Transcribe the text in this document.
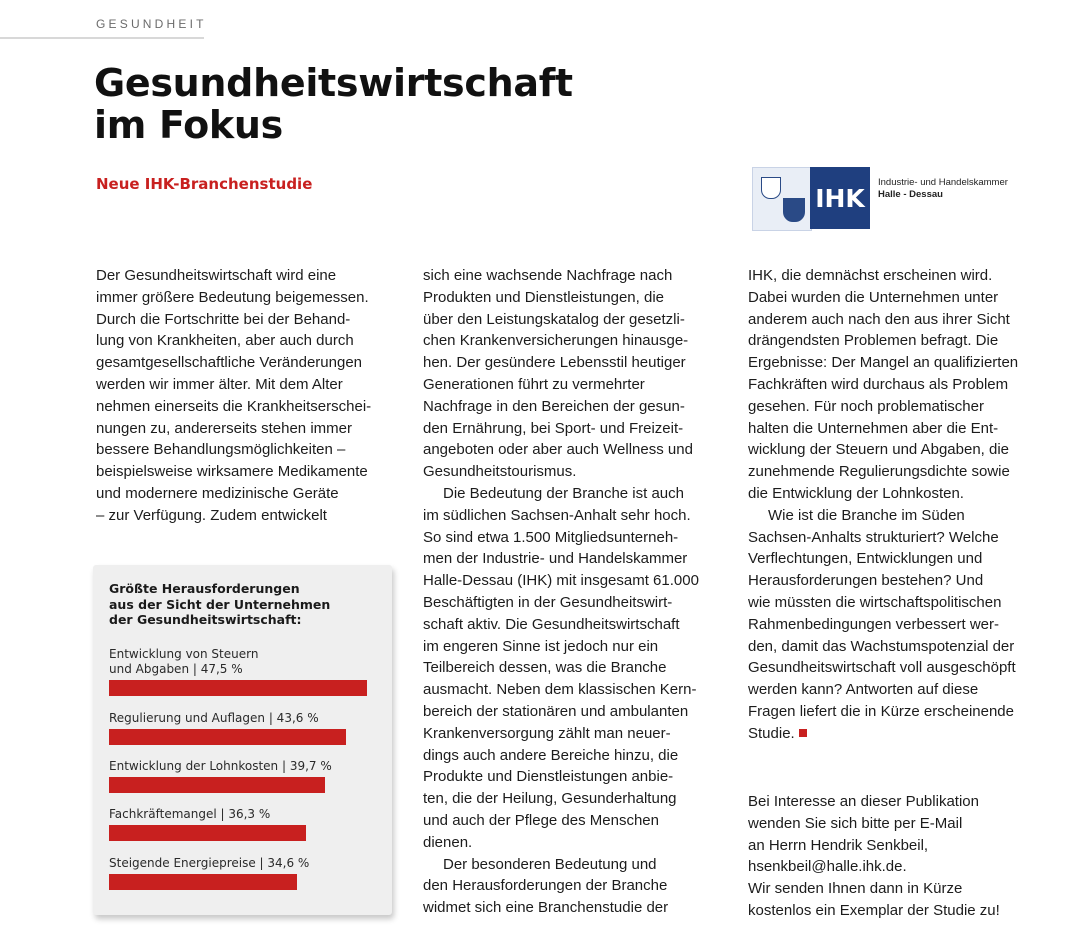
GESUNDHEIT
Gesundheitswirtschaft
im Fokus
Neue IHK-Branchenstudie	IHK
Industrie- und Handelskammer
Halle - Dessau

Der Gesundheitswirtschaft wird eine
immer größere Bedeutung beigemessen.
Durch die Fortschritte bei der Behand-
lung von Krankheiten, aber auch durch
gesamtgesellschaftliche Veränderungen
werden wir immer älter. Mit dem Alter
nehmen einerseits die Krankheitserschei-
nungen zu, andererseits stehen immer
bessere Behandlungsmöglichkeiten –
beispielsweise wirksamere Medikamente
und modernere medizinische Geräte
– zur Verfügung. Zudem entwickelt

sich eine wachsende Nachfrage nach
Produkten und Dienstleistungen, die
über den Leistungskatalog der gesetzli-
chen Krankenversicherungen hinausge-
hen. Der gesündere Lebensstil heutiger
Generationen führt zu vermehrter
Nachfrage in den Bereichen der gesun-
den Ernährung, bei Sport- und Freizeit-
angeboten oder aber auch Wellness und
Gesundheitstourismus.

Die Bedeutung der Branche ist auch
im südlichen Sachsen-Anhalt sehr hoch.
So sind etwa 1.500 Mitgliedsunterneh-
men der Industrie- und Handelskammer
Halle-Dessau (IHK) mit insgesamt 61.000
Beschäftigten in der Gesundheitswirt-
schaft aktiv. Die Gesundheitswirtschaft
im engeren Sinne ist jedoch nur ein
Teilbereich dessen, was die Branche
ausmacht. Neben dem klassischen Kern-
bereich der stationären und ambulanten
Krankenversorgung zählt man neuer-
dings auch andere Bereiche hinzu, die
Produkte und Dienstleistungen anbie-
ten, die der Heilung, Gesunderhaltung
und auch der Pflege des Menschen
dienen.

Der besonderen Bedeutung und
den Herausforderungen der Branche
widmet sich eine Branchenstudie der

IHK, die demnächst erscheinen wird.
Dabei wurden die Unternehmen unter
anderem auch nach den aus ihrer Sicht
drängendsten Problemen befragt. Die
Ergebnisse: Der Mangel an qualifizierten
Fachkräften wird durchaus als Problem
gesehen. Für noch problematischer
halten die Unternehmen aber die Ent-
wicklung der Steuern und Abgaben, die
zunehmende Regulierungsdichte sowie
die Entwicklung der Lohnkosten.

Wie ist die Branche im Süden
Sachsen-Anhalts strukturiert? Welche
Verflechtungen, Entwicklungen und
Herausforderungen bestehen? Und
wie müssten die wirtschaftspolitischen
Rahmenbedingungen verbessert wer-
den, damit das Wachstumspotenzial der
Gesundheitswirtschaft voll ausgeschöpft
werden kann? Antworten auf diese
Fragen liefert die in Kürze erscheinende
Studie.

Bei Interesse an dieser Publikation
wenden Sie sich bitte per E-Mail
an Herrn Hendrik Senkbeil,
hsenkbeil@halle.ihk.de.
Wir senden Ihnen dann in Kürze
kostenlos ein Exemplar der Studie zu!

Größte Herausforderungen
aus der Sicht der Unternehmen
der Gesundheitswirtschaft:
Entwicklung von Steuern
und Abgaben | 47,5 %
Regulierung und Auflagen | 43,6 %
Entwicklung der Lohnkosten | 39,7 %
Fachkräftemangel | 36,3 %
Steigende Energiepreise | 34,6 %
